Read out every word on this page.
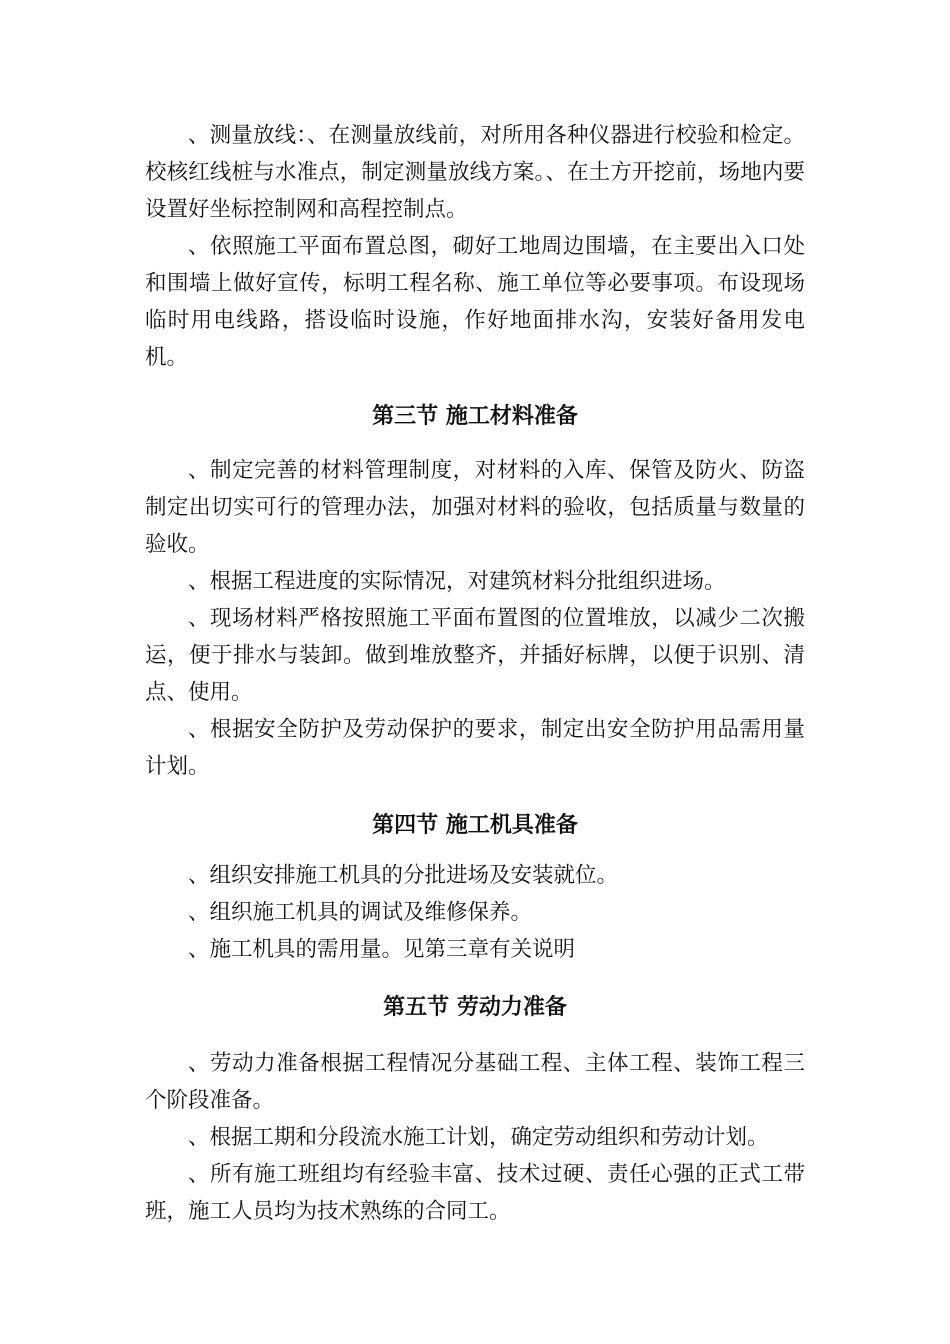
、测量放线：、在测量放线前，对所用各种仪器进行校验和检定。校核红线桩与水准点，制定测量放线方案。、在土方开挖前，场地内要设置好坐标控制网和高程控制点。

、依照施工平面布置总图，砌好工地周边围墙，在主要出入口处和围墙上做好宣传，标明工程名称、施工单位等必要事项。布设现场临时用电线路，搭设临时设施，作好地面排水沟，安装好备用发电机。

第三节 施工材料准备

、制定完善的材料管理制度，对材料的入库、保管及防火、防盗制定出切实可行的管理办法，加强对材料的验收，包括质量与数量的验收。

、根据工程进度的实际情况，对建筑材料分批组织进场。

、现场材料严格按照施工平面布置图的位置堆放，以减少二次搬运，便于排水与装卸。做到堆放整齐，并插好标牌，以便于识别、清点、使用。

、根据安全防护及劳动保护的要求，制定出安全防护用品需用量计划。

第四节 施工机具准备

、组织安排施工机具的分批进场及安装就位。

、组织施工机具的调试及维修保养。

、施工机具的需用量。见第三章有关说明

第五节 劳动力准备

、劳动力准备根据工程情况分基础工程、主体工程、装饰工程三个阶段准备。

、根据工期和分段流水施工计划，确定劳动组织和劳动计划。

、所有施工班组均有经验丰富、技术过硬、责任心强的正式工带班，施工人员均为技术熟练的合同工。
